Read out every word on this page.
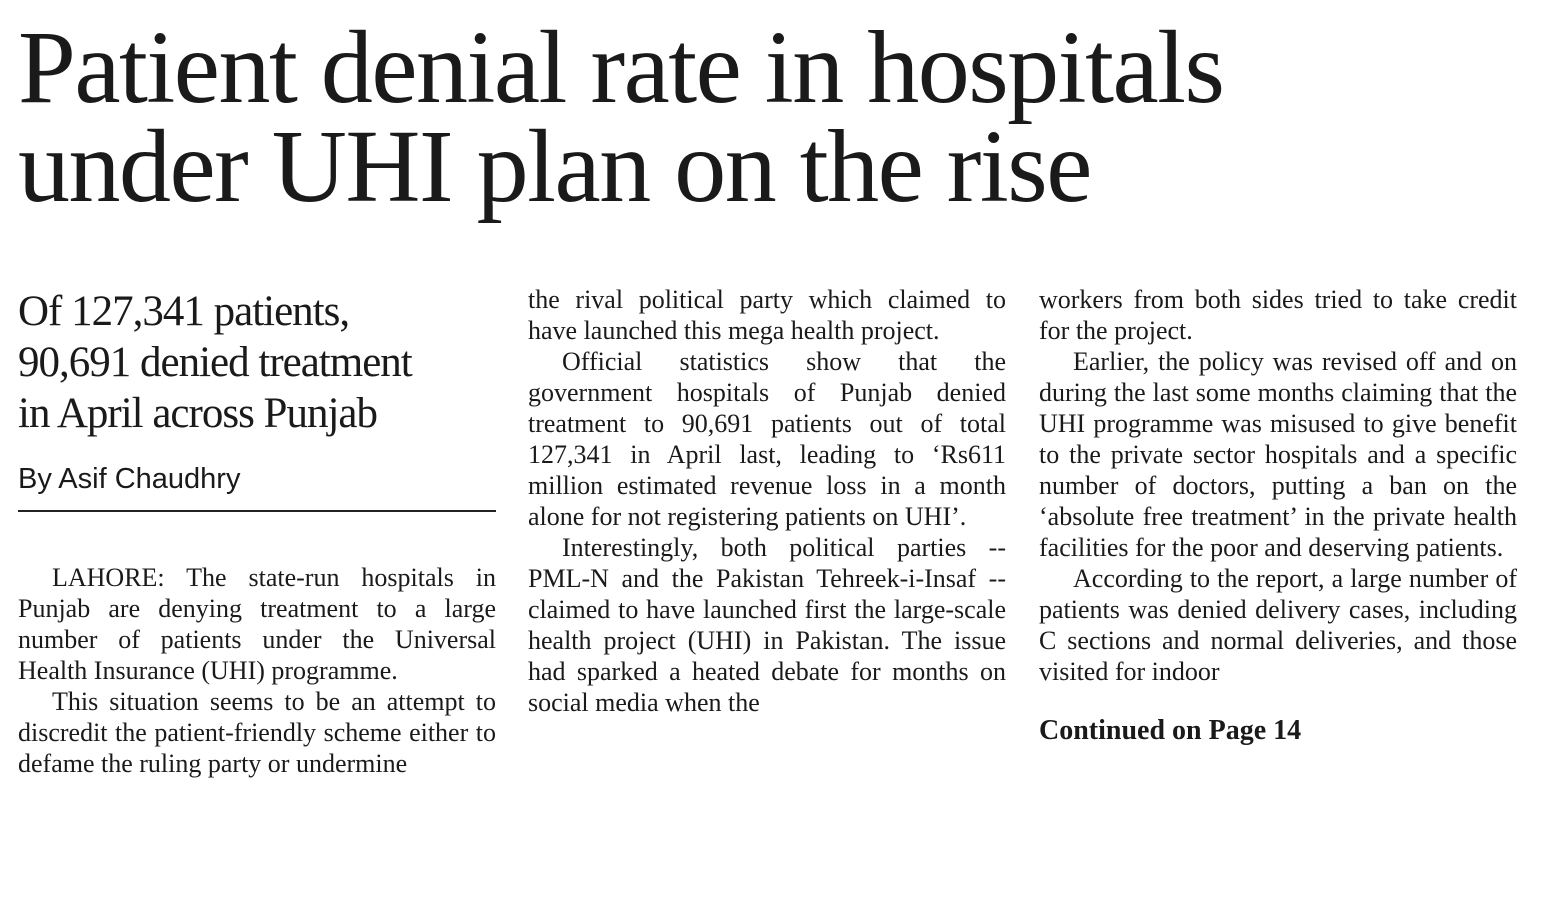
Patient denial rate in hospitals
under UHI plan on the rise
Of 127,341 patients,
90,691 denied treatment
in April across Punjab
By Asif Chaudhry

LAHORE: The state-run hospitals in Punjab are denying treatment to a large number of patients under the Universal Health Insurance (UHI) programme.

This situation seems to be an attempt to discredit the patient-friendly scheme either to defame the ruling party or undermine

the rival political party which claimed to have launched this mega health project.

Official statistics show that the government hospitals of Punjab denied treatment to 90,691 patients out of total 127,341 in April last, leading to ‘Rs611 million estimated revenue loss in a month alone for not registering patients on UHI’.

Interestingly, both political parties -- PML-N and the Pakistan Tehreek-i-Insaf -- claimed to have launched first the large-scale health project (UHI) in Pakistan. The issue had sparked a heated debate for months on social media when the

workers from both sides tried to take credit for the project.

Earlier, the policy was revised off and on during the last some months claiming that the UHI programme was misused to give benefit to the private sector hospitals and a specific number of doctors, putting a ban on the ‘absolute free treatment’ in the private health facilities for the poor and deserving patients.

According to the report, a large number of patients was denied delivery cases, including C sections and normal deliveries, and those visited for indoor

Continued on Page 14
